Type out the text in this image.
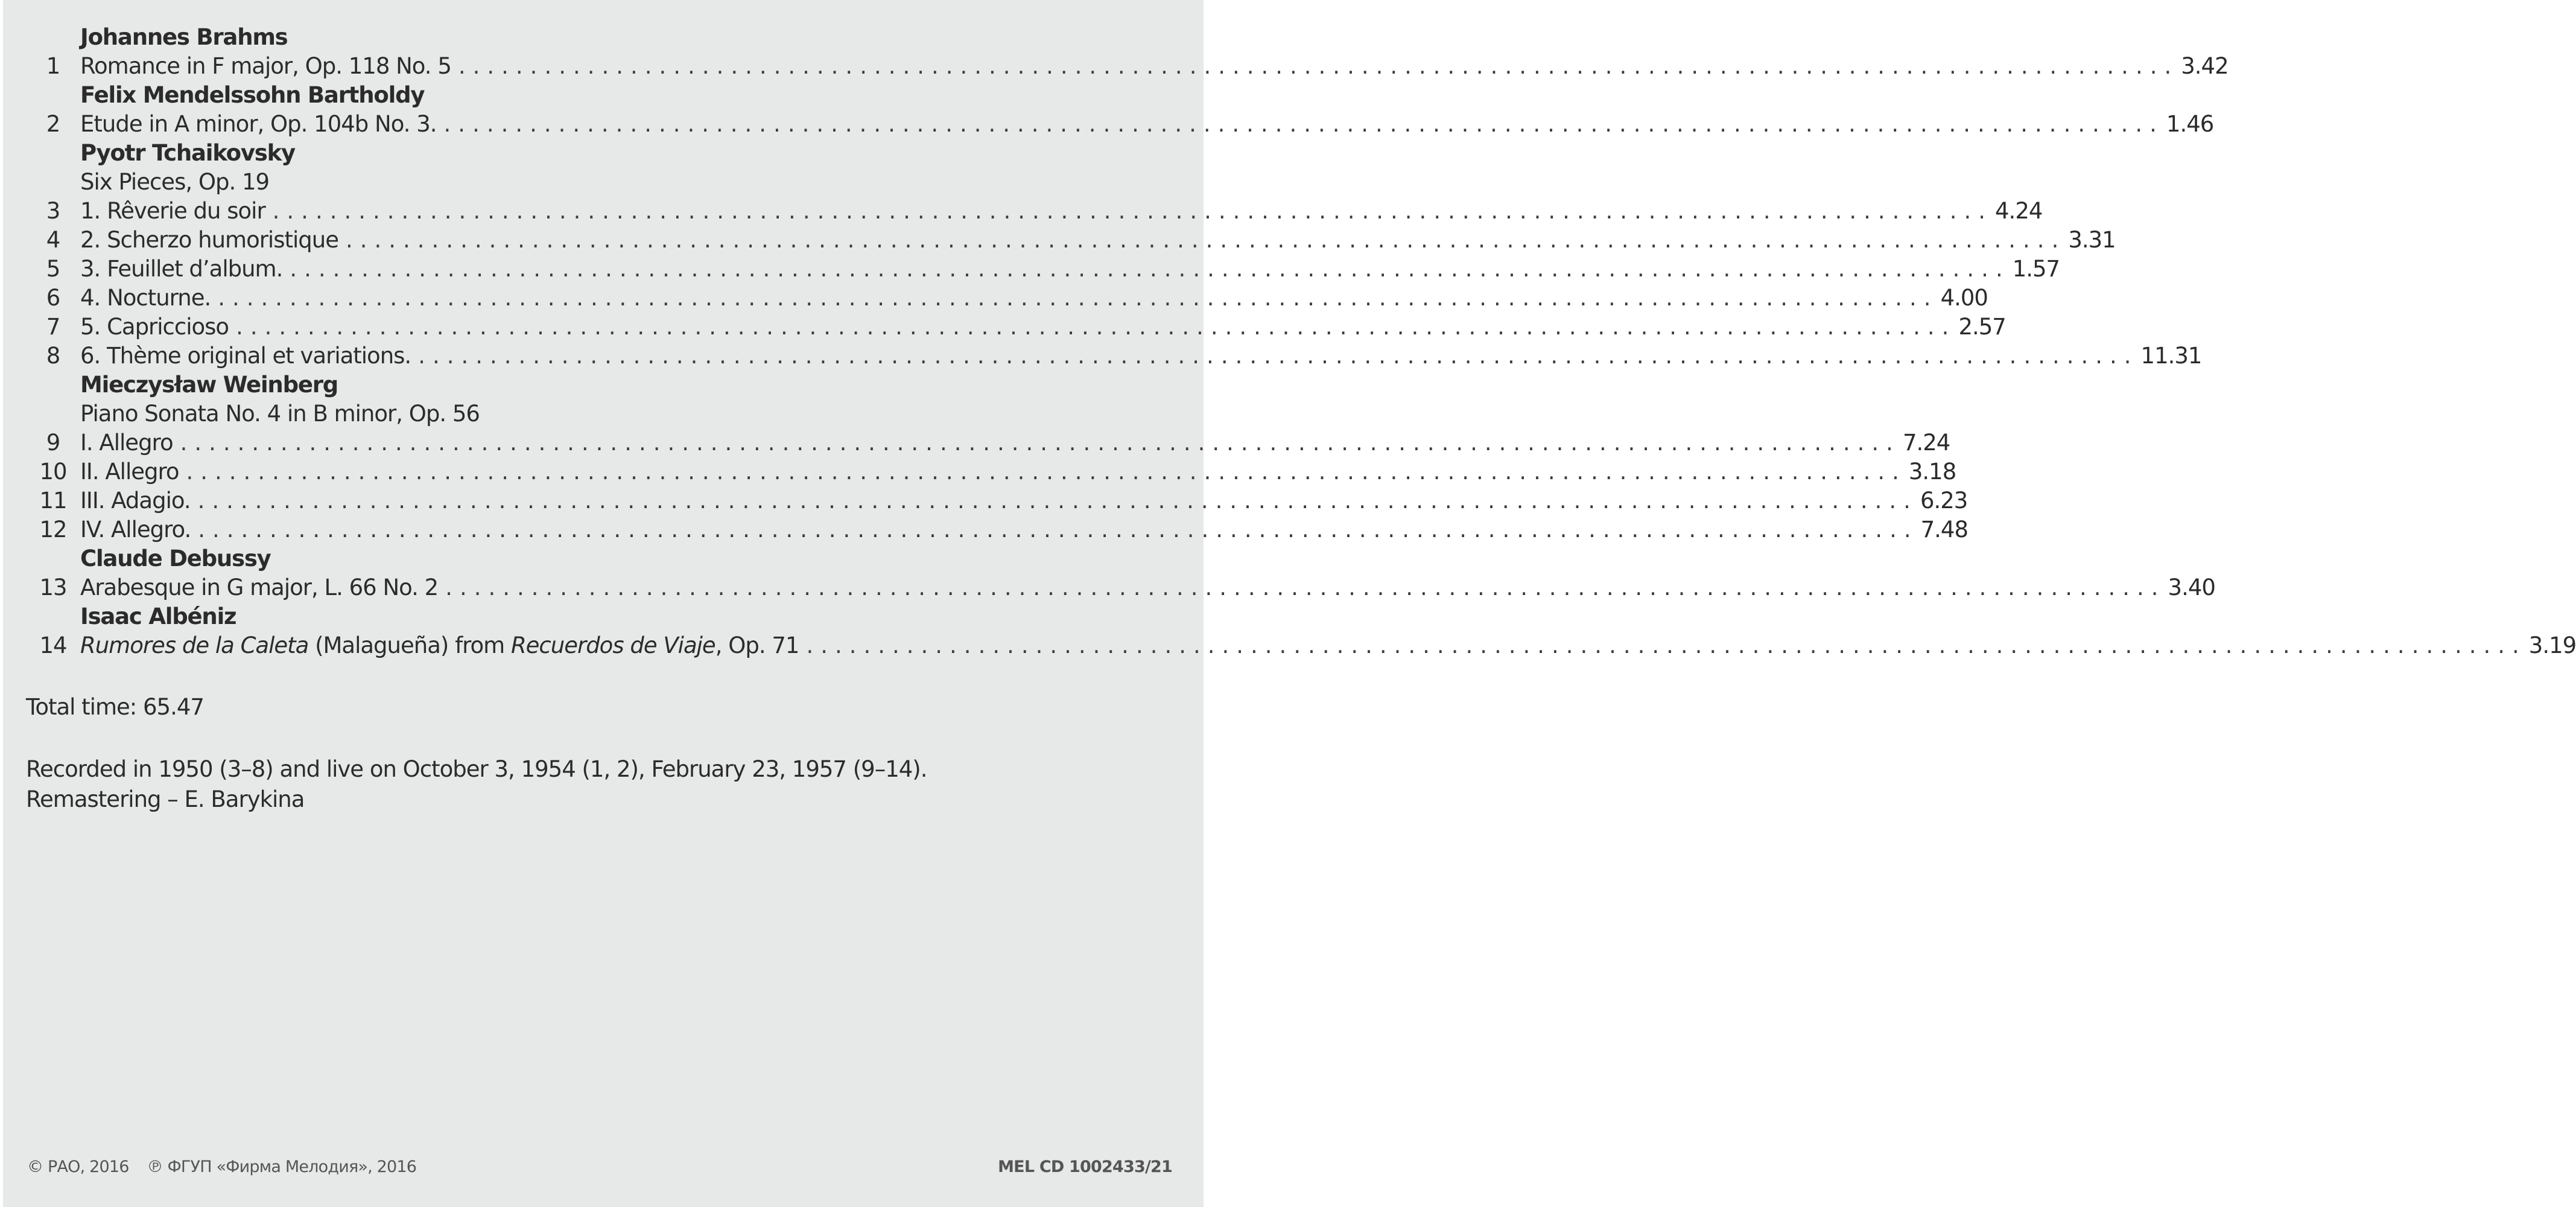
Johannes Brahms
1 Romance in F major, Op. 118 No. 5 ........................................................................................................................ 3.42
Felix Mendelssohn Bartholdy
2 Etude in A minor, Op. 104b No. 3. ........................................................................................................................ 1.46
Pyotr Tchaikovsky
Six Pieces, Op. 19
3 1. Rêverie du soir ........................................................................................................................ 4.24
4 2. Scherzo humoristique ........................................................................................................................ 3.31
5 3. Feuillet d’album. ........................................................................................................................ 1.57
6 4. Nocturne. ........................................................................................................................ 4.00
7 5. Capriccioso ........................................................................................................................ 2.57
8 6. Thème original et variations. ........................................................................................................................ 11.31
Mieczysław Weinberg
Piano Sonata No. 4 in B minor, Op. 56
9 I. Allegro ........................................................................................................................ 7.24
10 II. Allegro ........................................................................................................................ 3.18
11 III. Adagio. ........................................................................................................................ 6.23
12 IV. Allegro. ........................................................................................................................ 7.48
Claude Debussy
13 Arabesque in G major, L. 66 No. 2 ........................................................................................................................ 3.40
Isaac Albéniz
14 Rumores de la Caleta (Malagueña) from Recuerdos de Viaje, Op. 71 ........................................................................................................................ 3.19
Total time: 65.47
Recorded in 1950 (3–8) and live on October 3, 1954 (1, 2), February 23, 1957 (9–14).
Remastering – E. Barykina
© РАО, 2016 ℗ ФГУП «Фирма Мелодия», 2016	MEL CD 1002433/21
